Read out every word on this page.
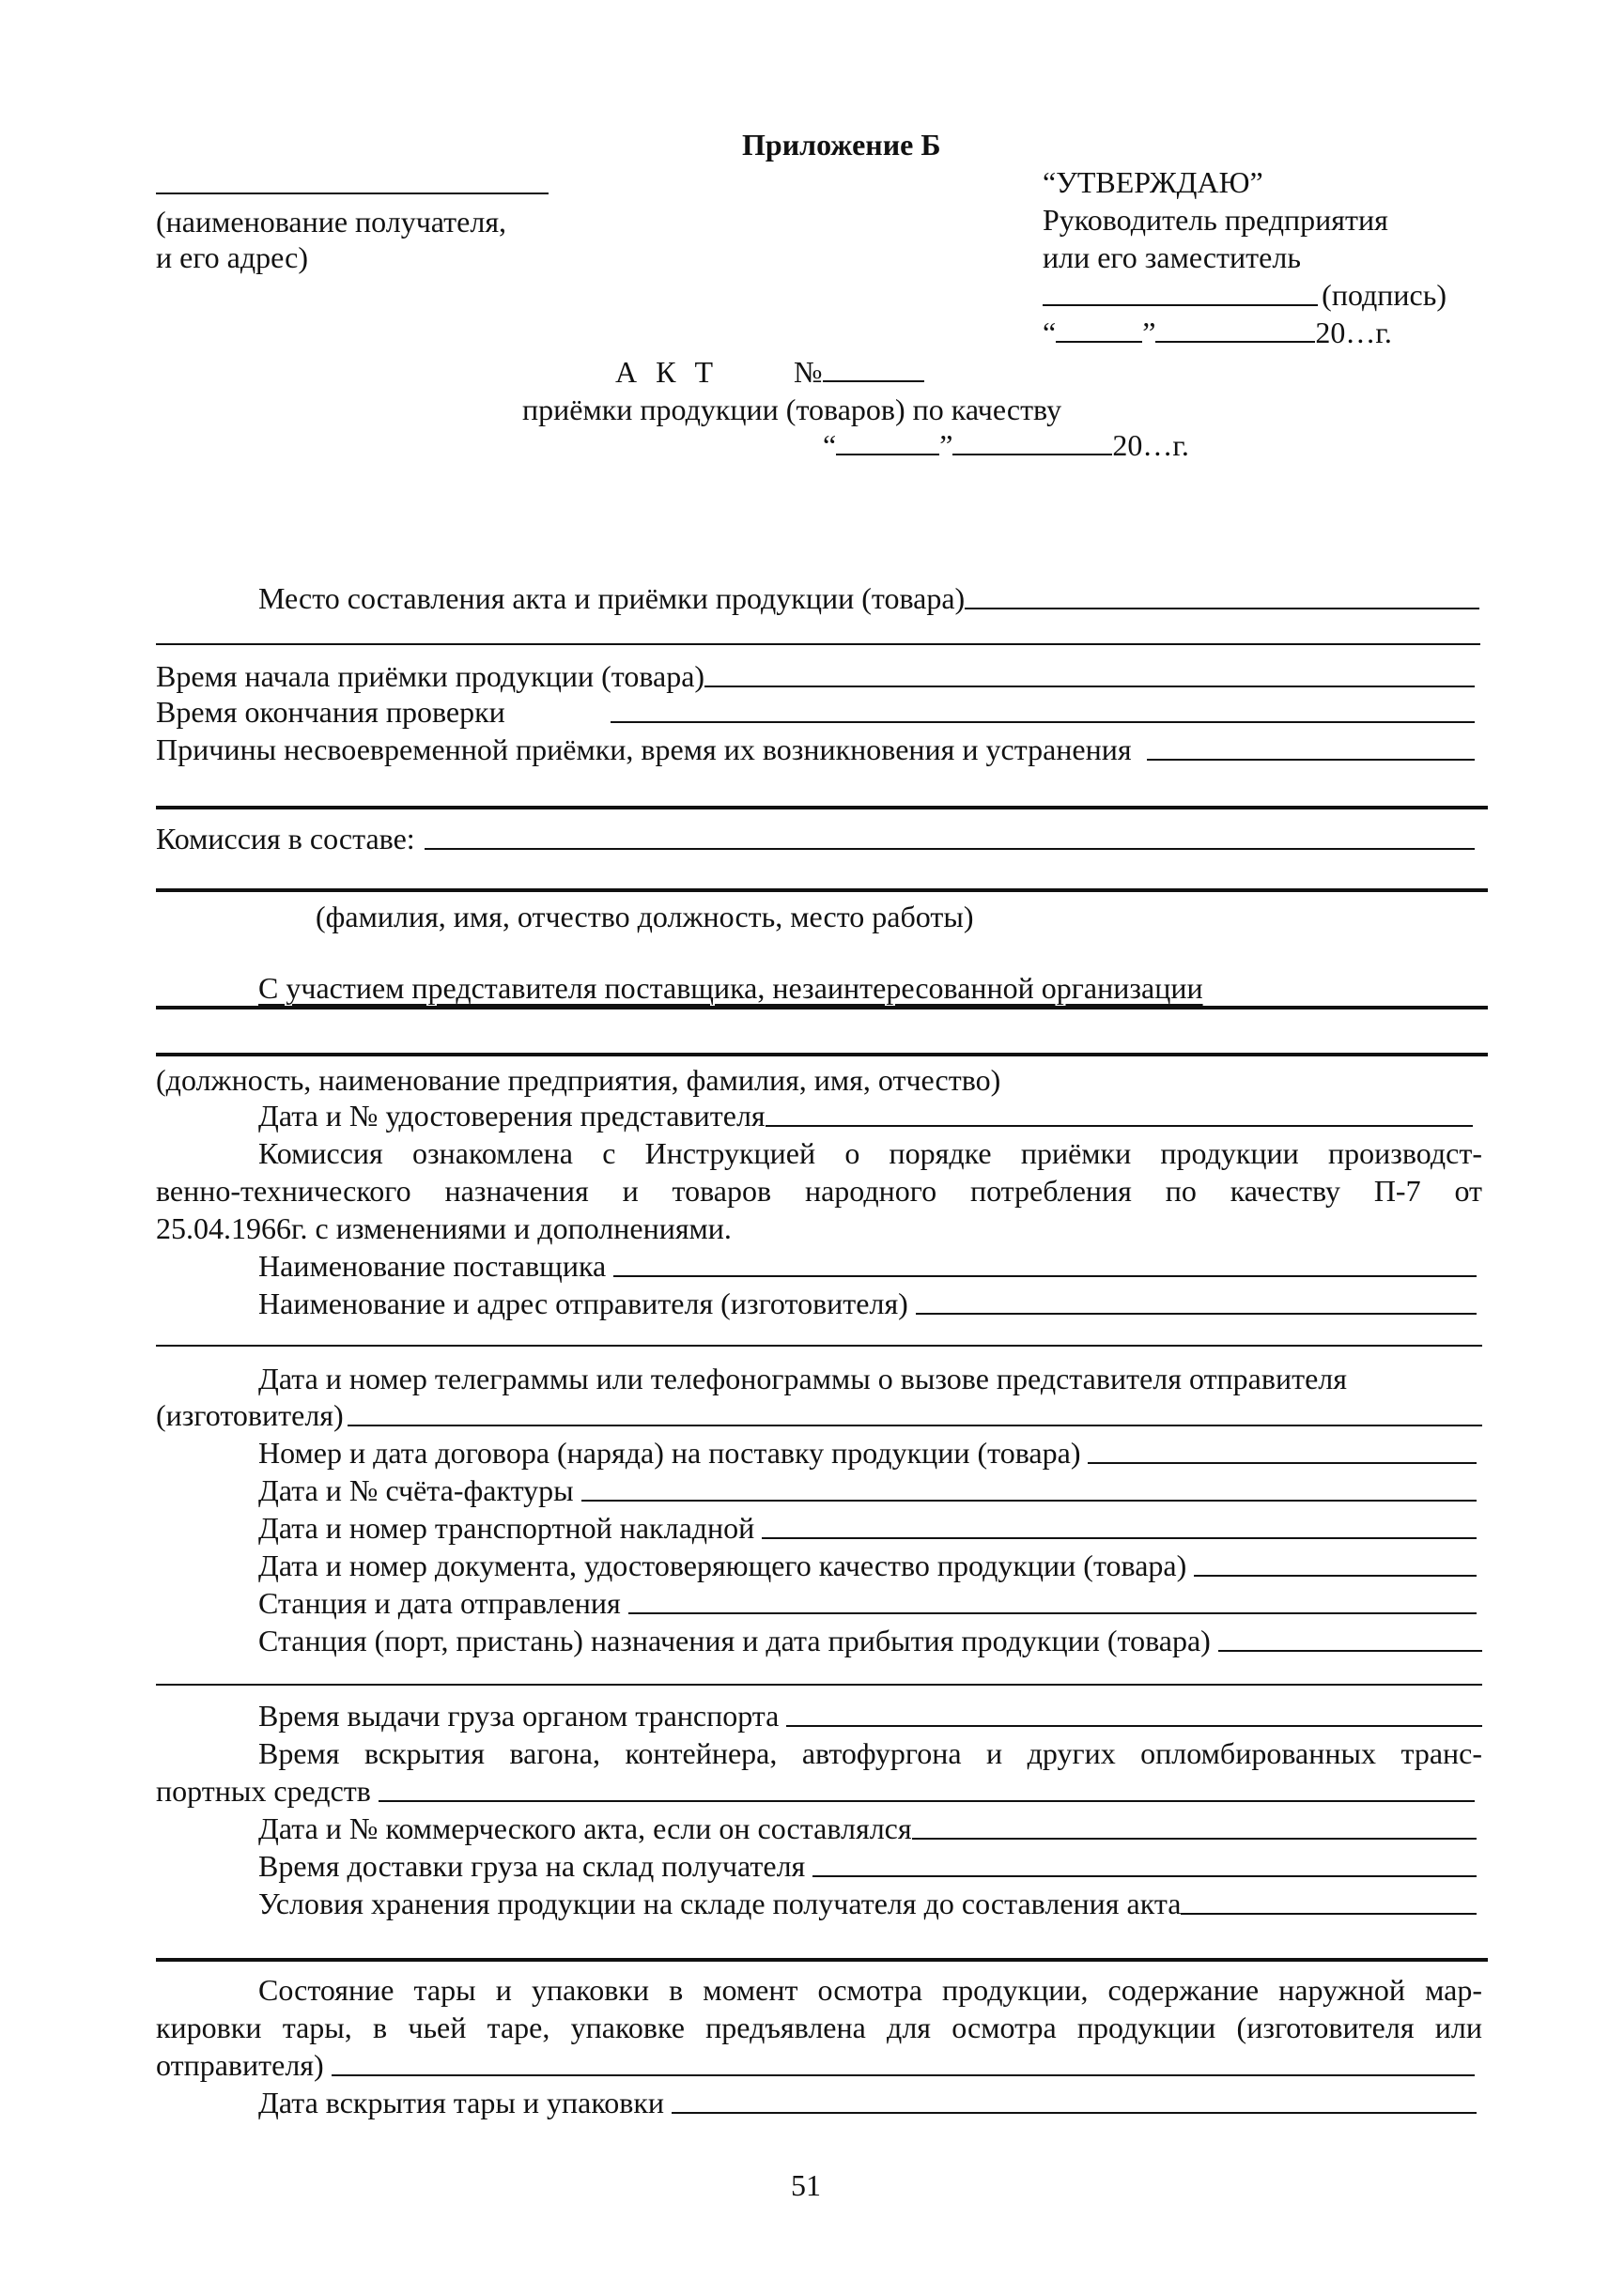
Приложение Б
(наименование получателя,
и его адрес)
“УТВЕРЖДАЮ”
Руководитель предприятия
или его заместитель
(подпись)
“	”	20…г.
А К Т	№
приёмки продукции (товаров) по качеству
“	”	20…г.
Место составления акта и приёмки продукции (товара)
Время начала приёмки продукции (товара)
Время окончания проверки
Причины несвоевременной приёмки, время их возникновения и устранения
Комиссия в составе:
(фамилия, имя, отчество должность, место работы)
С участием представителя поставщика, незаинтересованной организации
(должность, наименование предприятия, фамилия, имя, отчество)
Дата и № удостоверения представителя
Комиссия ознакомлена с Инструкцией о порядке приёмки продукции производст-
венно-технического назначения и товаров народного потребления по качеству П-7 от
25.04.1966г. с изменениями и дополнениями.
Наименование поставщика
Наименование и адрес отправителя (изготовителя)
Дата и номер телеграммы или телефонограммы о вызове представителя отправителя
(изготовителя)
Номер и дата договора (наряда) на поставку продукции (товара)
Дата и № счёта-фактуры
Дата и номер транспортной накладной
Дата и номер документа, удостоверяющего качество продукции (товара)
Станция и дата отправления
Станция (порт, пристань) назначения и дата прибытия продукции (товара)
Время выдачи груза органом транспорта
Время вскрытия вагона, контейнера, автофургона и других опломбированных транс-
портных средств
Дата и № коммерческого акта, если он составлялся
Время доставки груза на склад получателя
Условия хранения продукции на складе получателя до составления акта
Состояние тары и упаковки в момент осмотра продукции, содержание наружной мар-
кировки тары, в чьей таре, упаковке предъявлена для осмотра продукции (изготовителя или
отправителя)
Дата вскрытия тары и упаковки
51
